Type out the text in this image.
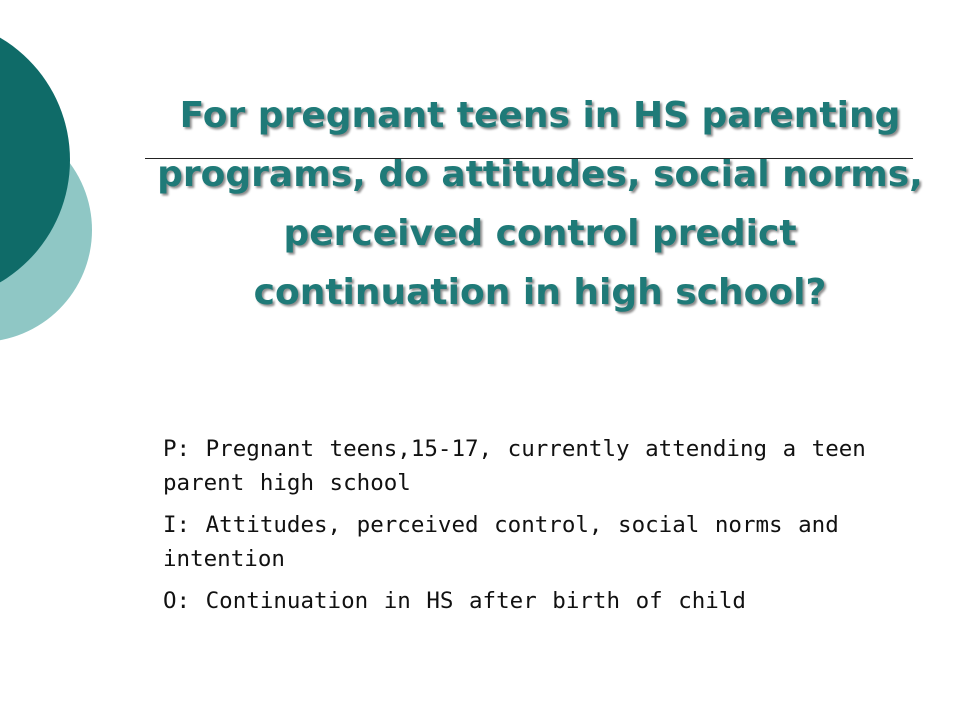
For pregnant teens in HS parenting programs, do attitudes, social norms, perceived control predict continuation in high school?
P: Pregnant teens,15-17, currently attending a teen parent high school
I: Attitudes, perceived control, social norms and intention
O: Continuation in HS after birth of child
